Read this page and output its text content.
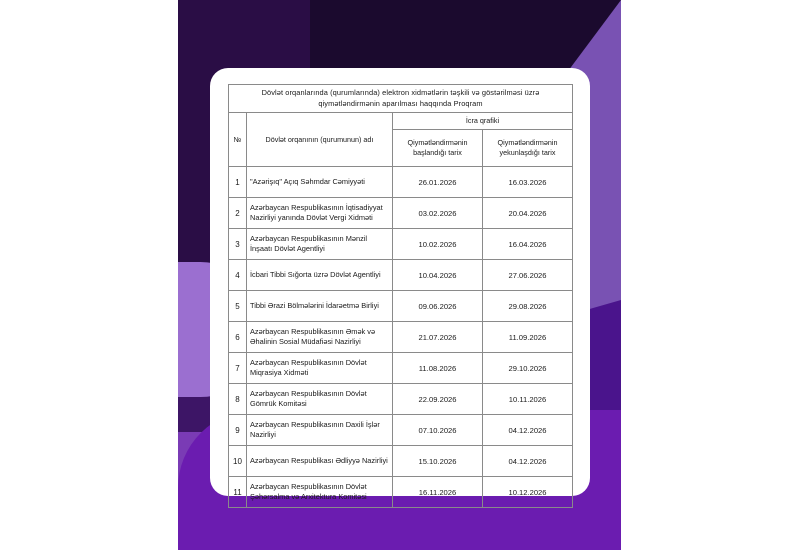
Dövlət orqanlarında (qurumlarında) elektron xidmətlərin təşkili və göstərilməsi üzrə qiymətləndirmənin aparılması haqqında Proqram			
№	Dövlət orqanının (qurumunun) adı	İcra qrafiki	
		Qiymətləndirmənin başlandığı tarix	Qiymətləndirmənin yekunlaşdığı tarix
1	"Azərişıq" Açıq Səhmdar Cəmiyyəti	26.01.2026	16.03.2026
2	Azərbaycan Respublikasının İqtisadiyyat Nazirliyi yanında Dövlət Vergi Xidməti	03.02.2026	20.04.2026
3	Azərbaycan Respublikasının Mənzil İnşaatı Dövlət Agentliyi	10.02.2026	16.04.2026
4	İcbari Tibbi Sığorta üzrə Dövlət Agentliyi	10.04.2026	27.06.2026
5	Tibbi Ərazi Bölmələrini İdarəetmə Birliyi	09.06.2026	29.08.2026
6	Azərbaycan Respublikasının Əmək və Əhalinin Sosial Müdafiəsi Nazirliyi	21.07.2026	11.09.2026
7	Azərbaycan Respublikasının Dövlət Miqrasiya Xidməti	11.08.2026	29.10.2026
8	Azərbaycan Respublikasının Dövlət Gömrük Komitəsi	22.09.2026	10.11.2026
9	Azərbaycan Respublikasının Daxili İşlər Nazirliyi	07.10.2026	04.12.2026
10	Azərbaycan Respublikası Ədliyyə Nazirliyi	15.10.2026	04.12.2026
11	Azərbaycan Respublikasının Dövlət Şəhərsalma və Arxitektura Komitəsi	16.11.2026	10.12.2026
